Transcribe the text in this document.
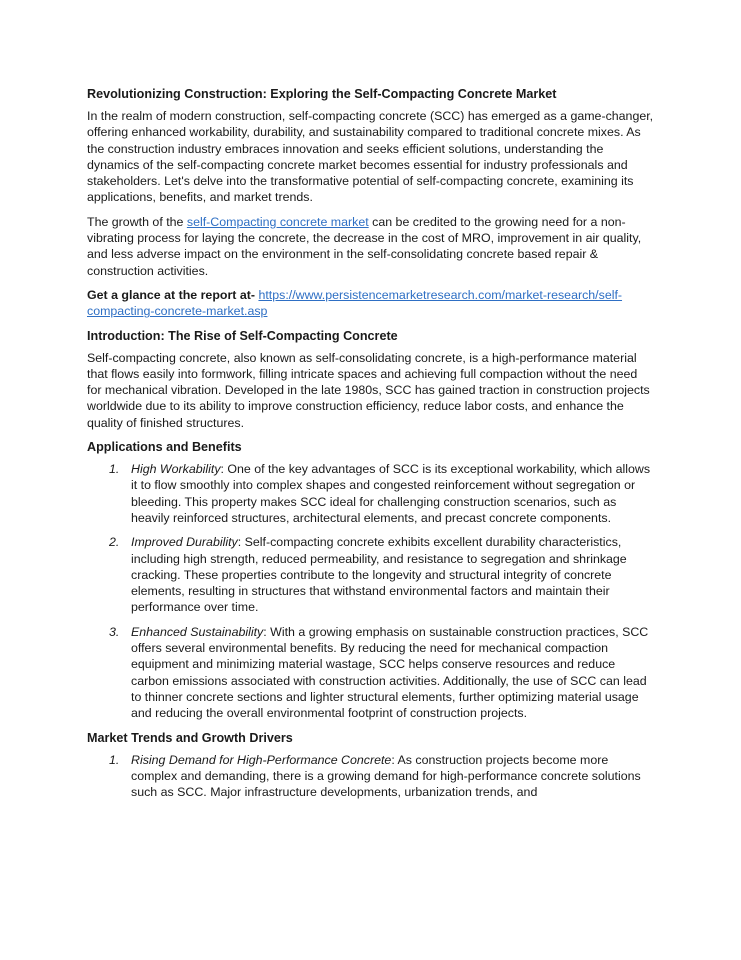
Revolutionizing Construction: Exploring the Self-Compacting Concrete Market

In the realm of modern construction, self-compacting concrete (SCC) has emerged as a game-changer, offering enhanced workability, durability, and sustainability compared to traditional concrete mixes. As the construction industry embraces innovation and seeks efficient solutions, understanding the dynamics of the self-compacting concrete market becomes essential for industry professionals and stakeholders. Let's delve into the transformative potential of self-compacting concrete, examining its applications, benefits, and market trends.

The growth of the self-Compacting concrete market can be credited to the growing need for a non-vibrating process for laying the concrete, the decrease in the cost of MRO, improvement in air quality, and less adverse impact on the environment in the self-consolidating concrete based repair & construction activities.

Get a glance at the report at- https://www.persistencemarketresearch.com/market-research/self-compacting-concrete-market.asp

Introduction: The Rise of Self-Compacting Concrete

Self-compacting concrete, also known as self-consolidating concrete, is a high-performance material that flows easily into formwork, filling intricate spaces and achieving full compaction without the need for mechanical vibration. Developed in the late 1980s, SCC has gained traction in construction projects worldwide due to its ability to improve construction efficiency, reduce labor costs, and enhance the quality of finished structures.

Applications and Benefits
1. High Workability: One of the key advantages of SCC is its exceptional workability, which allows it to flow smoothly into complex shapes and congested reinforcement without segregation or bleeding. This property makes SCC ideal for challenging construction scenarios, such as heavily reinforced structures, architectural elements, and precast concrete components.
2. Improved Durability: Self-compacting concrete exhibits excellent durability characteristics, including high strength, reduced permeability, and resistance to segregation and shrinkage cracking. These properties contribute to the longevity and structural integrity of concrete elements, resulting in structures that withstand environmental factors and maintain their performance over time.
3. Enhanced Sustainability: With a growing emphasis on sustainable construction practices, SCC offers several environmental benefits. By reducing the need for mechanical compaction equipment and minimizing material wastage, SCC helps conserve resources and reduce carbon emissions associated with construction activities. Additionally, the use of SCC can lead to thinner concrete sections and lighter structural elements, further optimizing material usage and reducing the overall environmental footprint of construction projects.
Market Trends and Growth Drivers
1. Rising Demand for High-Performance Concrete: As construction projects become more complex and demanding, there is a growing demand for high-performance concrete solutions such as SCC. Major infrastructure developments, urbanization trends, and
